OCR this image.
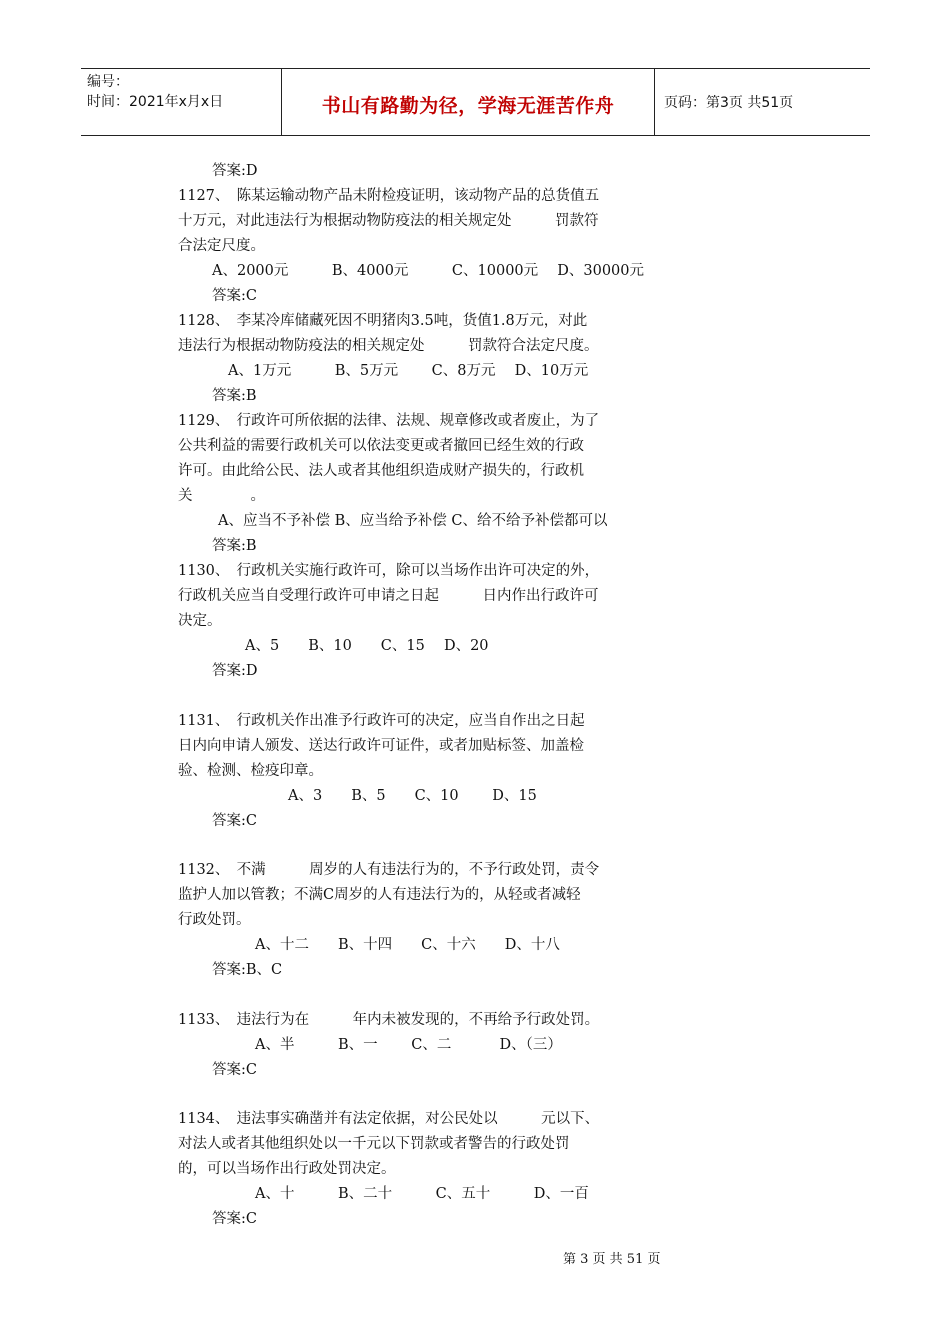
编号：
时间：2021年x月x日	书山有路勤为径，学海无涯苦作舟	页码：第3页 共51页
答案:D
1127、　陈某运输动物产品未附检疫证明，该动物产品的总货值五
十万元，对此违法行为根据动物防疫法的相关规定处　　　罚款符
合法定尺度。
A、2000元　　　B、4000元　　　C、10000元　 D、30000元
答案:C
1128、　李某冷库储藏死因不明猪肉3.5吨，货值1.8万元，对此
违法行为根据动物防疫法的相关规定处　　　罚款符合法定尺度。
A、1万元　　　B、5万元　　 C、8万元　 D、10万元
答案:B
1129、　行政许可所依据的法律、法规、规章修改或者废止，为了
公共利益的需要行政机关可以依法变更或者撤回已经生效的行政
许可。由此给公民、法人或者其他组织造成财产损失的，行政机
关　　　　。
A、应当不予补偿 B、应当给予补偿 C、给不给予补偿都可以
答案:B
1130、　行政机关实施行政许可，除可以当场作出许可决定的外，
行政机关应当自受理行政许可申请之日起　　　日内作出行政许可
决定。
A、5　　B、10　　C、15　 D、20
答案:D
1131、　行政机关作出准予行政许可的决定，应当自作出之日起
日内向申请人颁发、送达行政许可证件，或者加贴标签、加盖检
验、检测、检疫印章。
A、3　　B、5　　C、10　　 D、15
答案:C
1132、　不满　　　周岁的人有违法行为的，不予行政处罚，责令
监护人加以管教；不满C周岁的人有违法行为的，从轻或者减轻
行政处罚。
A、十二　　B、十四　　C、十六　　D、十八
答案:B、C
1133、　违法行为在　　　年内未被发现的，不再给予行政处罚。
A、半　　　B、一　　 C、二　　　 D、（三）
答案:C
1134、　违法事实确凿并有法定依据，对公民处以　　　元以下、
对法人或者其他组织处以一千元以下罚款或者警告的行政处罚
的，可以当场作出行政处罚决定。
A、十　　　B、二十　　　C、五十　　　D、一百
答案:C
第 3 页 共 51 页
